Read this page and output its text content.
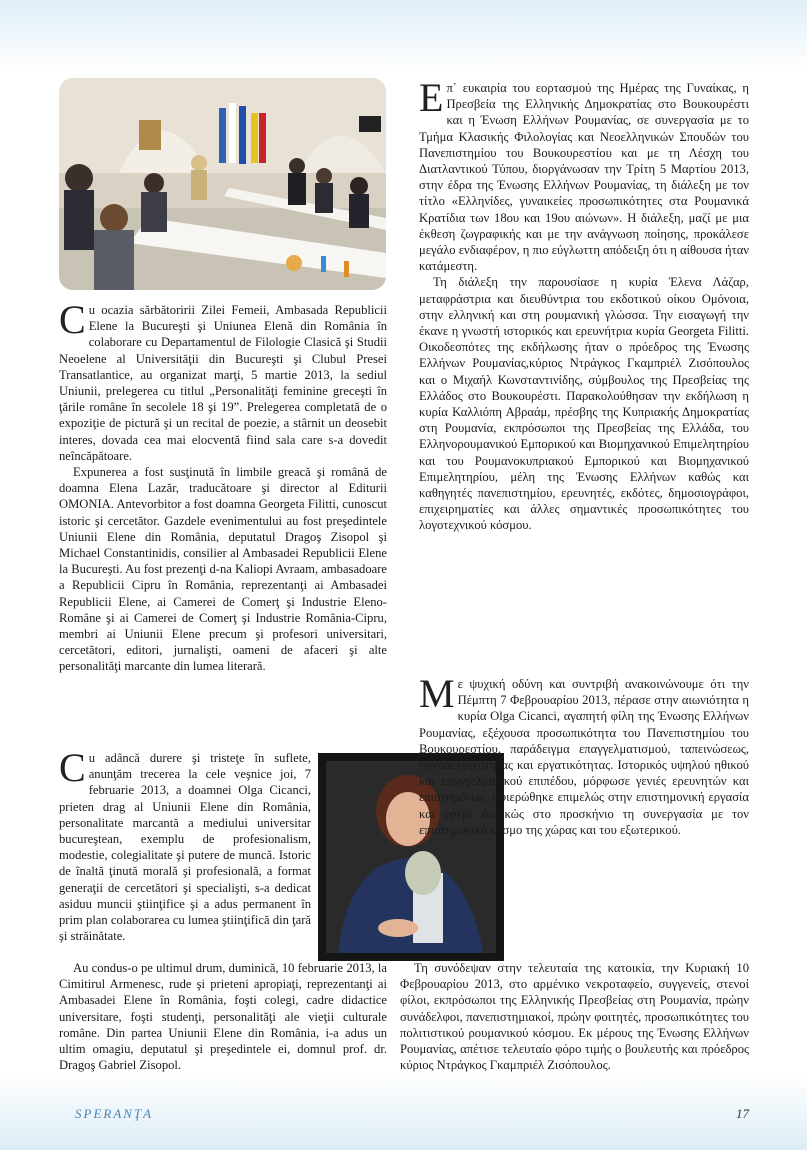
Cu ocazia sărbătoririi Zilei Femeii, Ambasada Republicii Elene la Bucureşti şi Uniunea Elenă din România în colaborare cu Departamentul de Filologie Clasică şi Studii Neoelene al Universităţii din Bucureşti şi Clubul Presei Transatlantice, au organizat marţi, 5 martie 2013, la sediul Uniunii, prelegerea cu titlul „Personalităţi feminine greceşti în ţările române în secolele 18 şi 19”. Prelegerea completată de o expoziţie de pictură şi un recital de poezie, a stârnit un deosebit interes, dovada cea mai elocventă fiind sala care s-a dovedit neîncăpătoare.

Expunerea a fost susţinută în limbile greacă şi română de doamna Elena Lazăr, traducătoare şi director al Editurii OMONIA. Antevorbitor a fost doamna Georgeta Filitti, cunoscut istoric şi cercetător. Gazdele evenimentului au fost preşedintele Uniunii Elene din România, deputatul Dragoş Zisopol şi Michael Constantinidis, consilier al Ambasadei Republicii Elene la Bucureşti. Au fost prezenţi d-na Kaliopi Avraam, ambasadoare a Republicii Cipru în România, reprezentanţi ai Ambasadei Republicii Elene, ai Camerei de Comerţ şi Industrie Eleno-Române şi ai Camerei de Comerţ şi Industrie România-Cipru, membri ai Uniunii Elene precum şi profesori universitari, cercetători, editori, jurnalişti, oameni de afaceri şi alte personalităţi marcante din lumea literară.

Cu adâncă durere şi tristeţe în suflete, anunţăm trecerea la cele veşnice joi, 7 februarie 2013, a doamnei Olga Cicanci, prieten drag al Uniunii Elene din România, personalitate marcantă a mediului universitar bucureştean, exemplu de profesionalism, modestie, colegialitate şi putere de muncă. Istoric de înaltă ţinută morală şi profesională, a format generaţii de cercetători şi specialişti, s-a dedicat asiduu muncii ştiinţifice şi a adus permanent în prim plan colaborarea cu lumea ştiinţifică din ţară şi străinătate.

Au condus-o pe ultimul drum, duminică, 10 februarie 2013, la Cimitirul Armenesc, rude şi prieteni apropiaţi, reprezentanţi ai Ambasadei Elene în România, foşti colegi, cadre didactice universitare, foşti studenţi, personalităţi ale vieţii culturale române. Din partea Uniunii Elene din România, i-a adus un ultim omagiu, deputatul şi preşedintele ei, domnul prof. dr. Dragoş Gabriel Zisopol.

Επ΄ ευκαιρία του εορτασμού της Ημέρας της Γυναίκας, η Πρεσβεία της Ελληνικής Δημοκρατίας στο Βουκουρέστι και η Ένωση Ελλήνων Ρουμανίας, σε συνεργασία με το Τμήμα Κλασικής Φιλολογίας και Νεοελληνικών Σπουδών του Πανεπιστημίου του Βουκουρεστίου και με τη Λέσχη του Διατλαντικού Τύπου, διοργάνωσαν την Τρίτη 5 Μαρτίου 2013, στην έδρα της Ένωσης Ελλήνων Ρουμανίας, τη διάλεξη με τον τίτλο «Ελληνίδες, γυναικείες προσωπικότητες στα Ρουμανικά Κρατίδια των 18ου και 19ου αιώνων». Η διάλεξη, μαζί με μια έκθεση ζωγραφικής και με την ανάγνωση ποίησης, προκάλεσε μεγάλο ενδιαφέρον, η πιο εύγλωττη απόδειξη ότι η αίθουσα ήταν κατάμεστη.

Τη διάλεξη την παρουσίασε η κυρία Έλενα Λάζαρ, μεταφράστρια και διευθύντρια του εκδοτικού οίκου Ομόνοια, στην ελληνική και στη ρουμανική γλώσσα. Την εισαγωγή την έκανε η γνωστή ιστορικός και ερευνήτρια κυρία Georgeta Filitti. Οικοδεσπότες της εκδήλωσης ήταν ο πρόεδρος της Ένωσης Ελλήνων Ρουμανίας,κύριος Ντράγκος Γκαμπριέλ Ζισόπουλος και ο Μιχαήλ Κωνσταντινίδης, σύμβουλος της Πρεσβείας της Ελλάδος στο Βουκουρέστι. Παρακολούθησαν την εκδήλωση η κυρία Καλλιόπη Αβραάμ, πρέσβης της Κυπριακής Δημοκρατίας στη Ρουμανία, εκπρόσωποι της Πρεσβείας της Ελλάδα, του Ελληνορουμανικού Εμπορικού και Βιομηχανικού Επιμελητηρίου και του Ρουμανοκυπριακού Εμπορικού και Βιομηχανικού Επιμελητηρίου, μέλη της Ένωσης Ελλήνων καθώς και καθηγητές πανεπιστημίου, ερευνητές, εκδότες, δημοσιογράφοι, επιχειρηματίες και άλλες σημαντικές προσωπικότητες του λογοτεχνικού κόσμου.

Με ψυχική οδύνη και συντριβή ανακοινώνουμε ότι την Πέμπτη 7 Φεβρουαρίου 2013, πέρασε στην αιωνιότητα η κυρία Olga Cicanci, αγαπητή φίλη της Ένωσης Ελλήνων Ρουμανίας, εξέχουσα προσωπικότητα του Πανεπιστημίου του Βουκουρεστίου, παράδειγμα επαγγελματισμού, ταπεινώσεως, συναδελφικότητας και εργατικότητας. Ιστορικός υψηλού ηθικού και επαγγελματικού επιπέδου, μόρφωσε γενιές ερευνητών και επιστημόνων, αφιερώθηκε επιμελώς στην επιστημονική εργασία και έφερε διαρκώς στο προσκήνιο τη συνεργασία με τον επιστημονικό κόσμο της χώρας και του εξωτερικού.

Τη συνόδεψαν στην τελευταία της κατοικία, την Κυριακή 10 Φεβρουαρίου 2013, στο αρμένικο νεκροταφείο, συγγενείς, στενοί φίλοι, εκπρόσωποι της Ελληνικής Πρεσβείας στη Ρουμανία, πρώην συνάδελφοι, πανεπιστημιακοί, πρώην φοιτητές, προσωπικότητες του πολιτιστικού ρουμανικού κόσμου. Εκ μέρους της Ένωσης Ελλήνων Ρουμανίας, απέτισε τελευταίο φόρο τιμής ο βουλευτής και πρόεδρος κύριος Ντράγκος Γκαμπριέλ Ζισόπουλος.

SPERANŢA	17
